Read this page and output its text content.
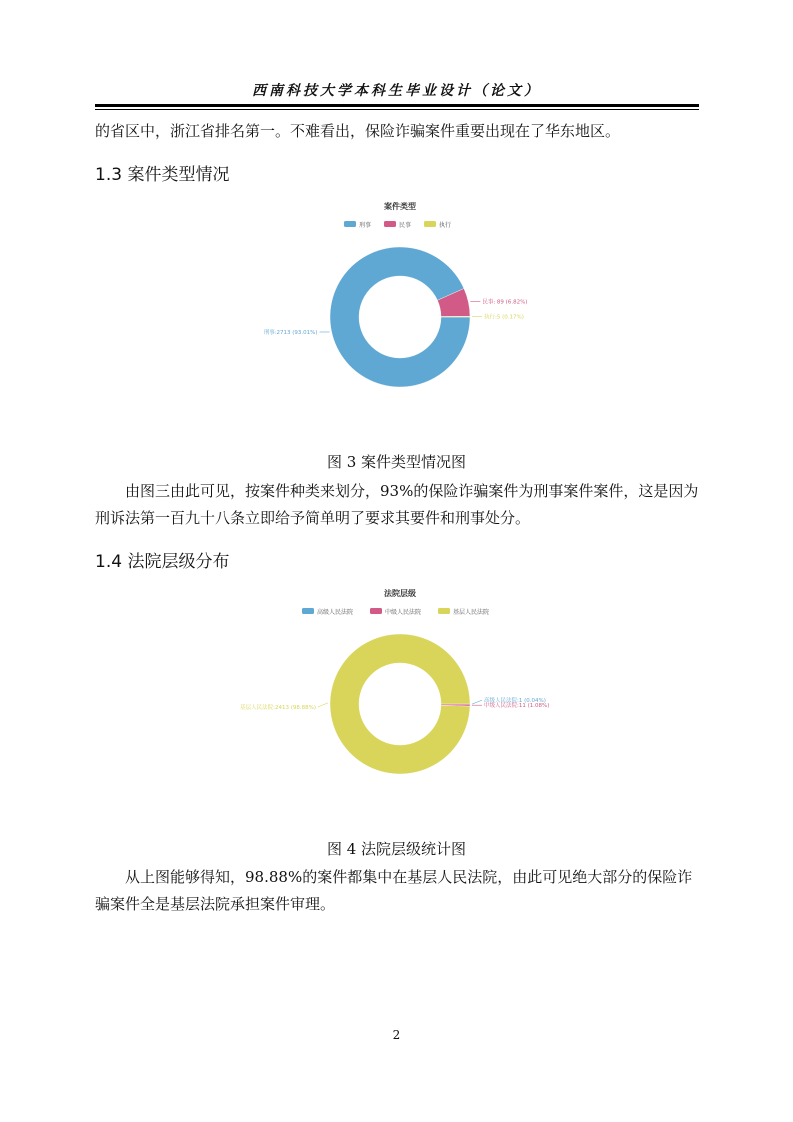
西南科技大学本科生毕业设计（论文）

的省区中，浙江省排名第一。不难看出，保险诈骗案件重要出现在了华东地区。

1.3 案件类型情况
案件类型
刑事	民事	执行
刑事:2713 (93.01%)
民事: 89 (6.82%)
执行:5 (0.17%)
图 3 案件类型情况图

由图三由此可见，按案件种类来划分，93%的保险诈骗案件为刑事案件案件，这是因为刑诉法第一百九十八条立即给予简单明了要求其要件和刑事处分。

1.4 法院层级分布
法院层级
高级人民法院	中级人民法院	基层人民法院
高级人民法院:1 (0.04%)
中级人民法院:11 (1.08%)
基层人民法院:2413 (98.88%)
图 4 法院层级统计图

从上图能够得知，98.88%的案件都集中在基层人民法院，由此可见绝大部分的保险诈骗案件全是基层法院承担案件审理。

2
